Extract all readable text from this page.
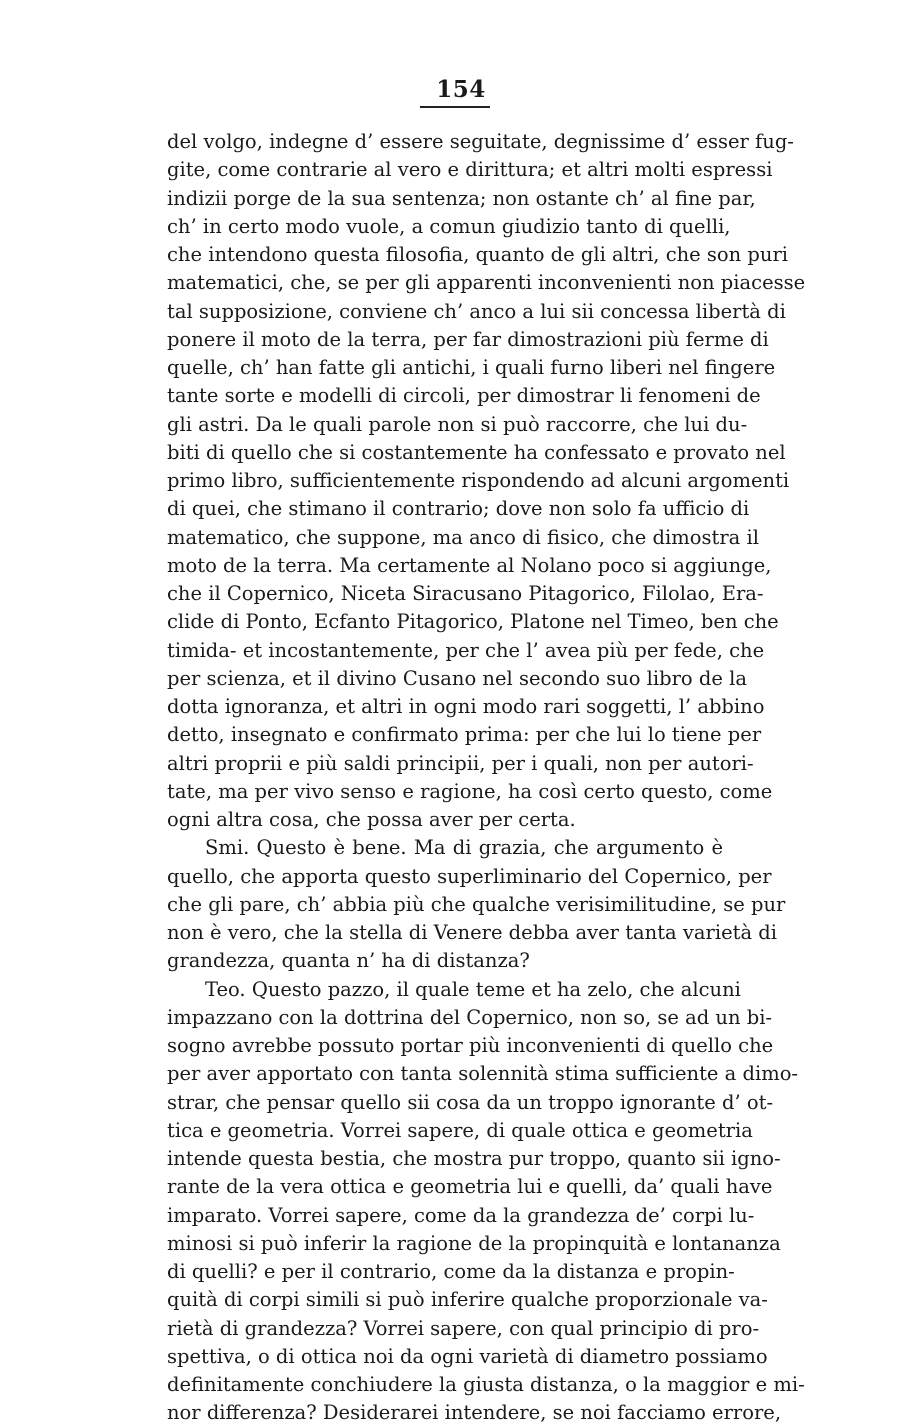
154
del volgo, indegne d’ essere seguitate, degnissime d’ esser fug-
gite, come contrarie al vero e dirittura; et altri molti espressi
indizii porge de la sua sentenza; non ostante ch’ al fine par,
ch’ in certo modo vuole, a comun giudizio tanto di quelli,
che intendono questa filosofia, quanto de gli altri, che son puri
matematici, che, se per gli apparenti inconvenienti non piacesse
tal supposizione, conviene ch’ anco a lui sii concessa libertà di
ponere il moto de la terra, per far dimostrazioni più ferme di
quelle, ch’ han fatte gli antichi, i quali furno liberi nel fingere
tante sorte e modelli di circoli, per dimostrar li fenomeni de
gli astri. Da le quali parole non si può raccorre, che lui du-
biti di quello che si costantemente ha confessato e provato nel
primo libro, sufficientemente rispondendo ad alcuni argomenti
di quei, che stimano il contrario; dove non solo fa ufficio di
matematico, che suppone, ma anco di fisico, che dimostra il
moto de la terra. Ma certamente al Nolano poco si aggiunge,
che il Copernico, Niceta Siracusano Pitagorico, Filolao, Era-
clide di Ponto, Ecfanto Pitagorico, Platone nel Timeo, ben che
timida- et incostantemente, per che l’ avea più per fede, che
per scienza, et il divino Cusano nel secondo suo libro de la
dotta ignoranza, et altri in ogni modo rari soggetti, l’ abbino
detto, insegnato e confirmato prima: per che lui lo tiene per
altri proprii e più saldi principii, per i quali, non per autori-
tate, ma per vivo senso e ragione, ha così certo questo, come
ogni altra cosa, che possa aver per certa.
Smi. Questo è bene. Ma di grazia, che argumento è
quello, che apporta questo superliminario del Copernico, per
che gli pare, ch’ abbia più che qualche verisimilitudine, se pur
non è vero, che la stella di Venere debba aver tanta varietà di
grandezza, quanta n’ ha di distanza?
Teo. Questo pazzo, il quale teme et ha zelo, che alcuni
impazzano con la dottrina del Copernico, non so, se ad un bi-
sogno avrebbe possuto portar più inconvenienti di quello che
per aver apportato con tanta solennità stima sufficiente a dimo-
strar, che pensar quello sii cosa da un troppo ignorante d’ ot-
tica e geometria. Vorrei sapere, di quale ottica e geometria
intende questa bestia, che mostra pur troppo, quanto sii igno-
rante de la vera ottica e geometria lui e quelli, da’ quali have
imparato. Vorrei sapere, come da la grandezza de’ corpi lu-
minosi si può inferir la ragione de la propinquità e lontananza
di quelli? e per il contrario, come da la distanza e propin-
quità di corpi simili si può inferire qualche proporzionale va-
rietà di grandezza? Vorrei sapere, con qual principio di pro-
spettiva, o di ottica noi da ogni varietà di diametro possiamo
definitamente conchiudere la giusta distanza, o la maggior e mi-
nor differenza? Desiderarei intendere, se noi facciamo errore,
